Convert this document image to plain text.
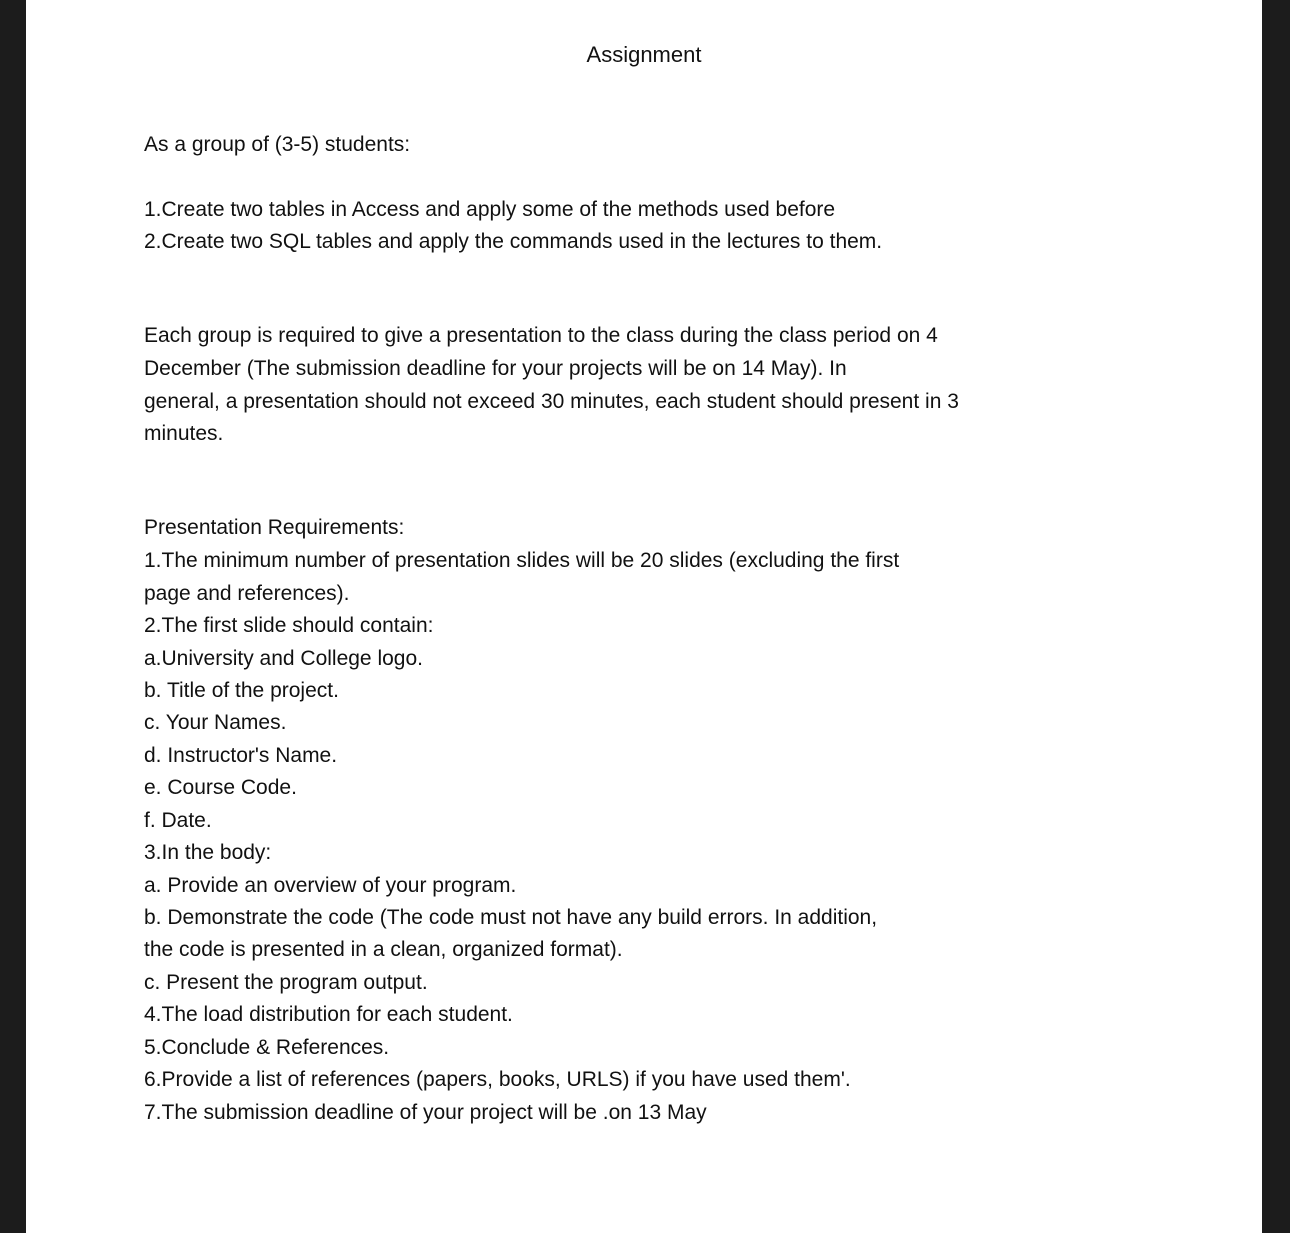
Assignment
As a group of (3-5) students:
1.Create two tables in Access and apply some of the methods used before
2.Create two SQL tables and apply the commands used in the lectures to them.
Each group is required to give a presentation to the class during the class period on 4
December (The submission deadline for your projects will be on 14 May). In
general, a presentation should not exceed 30 minutes, each student should present in 3
minutes.
Presentation Requirements:
1.The minimum number of presentation slides will be 20 slides (excluding the first
page and references).
2.The first slide should contain:
a.University and College logo.
b. Title of the project.
c. Your Names.
d. Instructor's Name.
e. Course Code.
f. Date.
3.In the body:
a. Provide an overview of your program.
b. Demonstrate the code (The code must not have any build errors. In addition,
the code is presented in a clean, organized format).
c. Present the program output.
4.The load distribution for each student.
5.Conclude & References.
6.Provide a list of references (papers, books, URLS) if you have used them'.
7.The submission deadline of your project will be .on 13 May
